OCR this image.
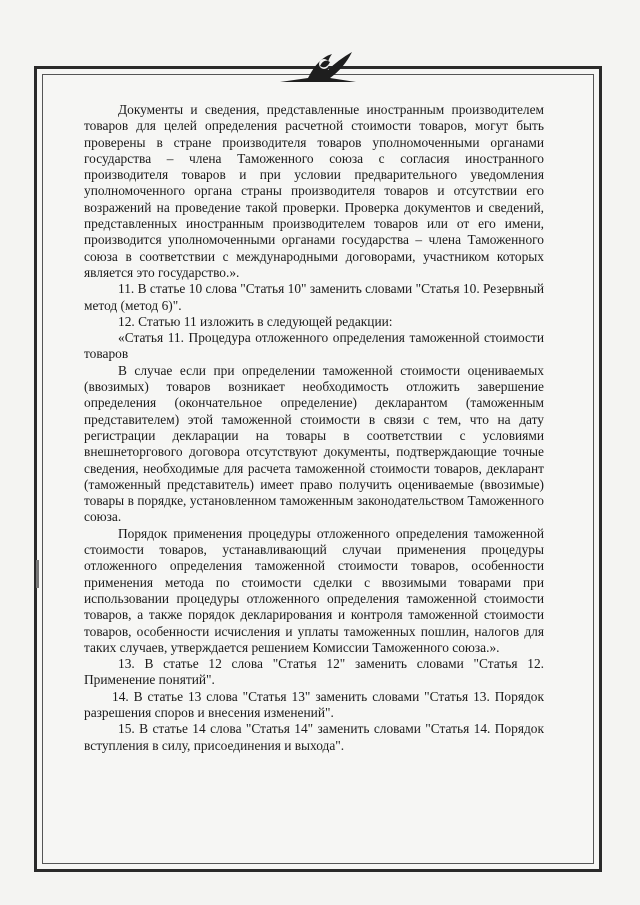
Документы и сведения, представленные иностранным производителем товаров для целей определения расчетной стоимости товаров, могут быть проверены в стране производителя товаров уполномоченными органами государства – члена Таможенного союза с согласия иностранного производителя товаров и при условии предварительного уведомления уполномоченного органа страны производителя товаров и отсутствии его возражений на проведение такой проверки. Проверка документов и сведений, представленных иностранным производителем товаров или от его имени, производится уполномоченными органами государства – члена Таможенного союза в соответствии с международными договорами, участником которых является это государство.».

11. В статье 10 слова "Статья 10" заменить словами "Статья 10. Резервный метод (метод 6)".

12. Статью 11 изложить в следующей редакции:

«Статья 11. Процедура отложенного определения таможенной стоимости товаров

В случае если при определении таможенной стоимости оцениваемых (ввозимых) товаров возникает необходимость отложить завершение определения (окончательное определение) декларантом (таможенным представителем) этой таможенной стоимости в связи с тем, что на дату регистрации декларации на товары в соответствии с условиями внешнеторгового договора отсутствуют документы, подтверждающие точные сведения, необходимые для расчета таможенной стоимости товаров, декларант (таможенный представитель) имеет право получить оцениваемые (ввозимые) товары в порядке, установленном таможенным законодательством Таможенного союза.

Порядок применения процедуры отложенного определения таможенной стоимости товаров, устанавливающий случаи применения процедуры отложенного определения таможенной стоимости товаров, особенности применения метода по стоимости сделки с ввозимыми товарами при использовании процедуры отложенного определения таможенной стоимости товаров, а также порядок декларирования и контроля таможенной стоимости товаров, особенности исчисления и уплаты таможенных пошлин, налогов для таких случаев, утверждается решением Комиссии Таможенного союза.».

13. В статье 12 слова "Статья 12" заменить словами "Статья 12. Применение понятий".

14. В статье 13 слова "Статья 13" заменить словами "Статья 13. Порядок разрешения споров и внесения изменений".

15. В статье 14 слова "Статья 14" заменить словами "Статья 14. Порядок вступления в силу, присоединения и выхода".
